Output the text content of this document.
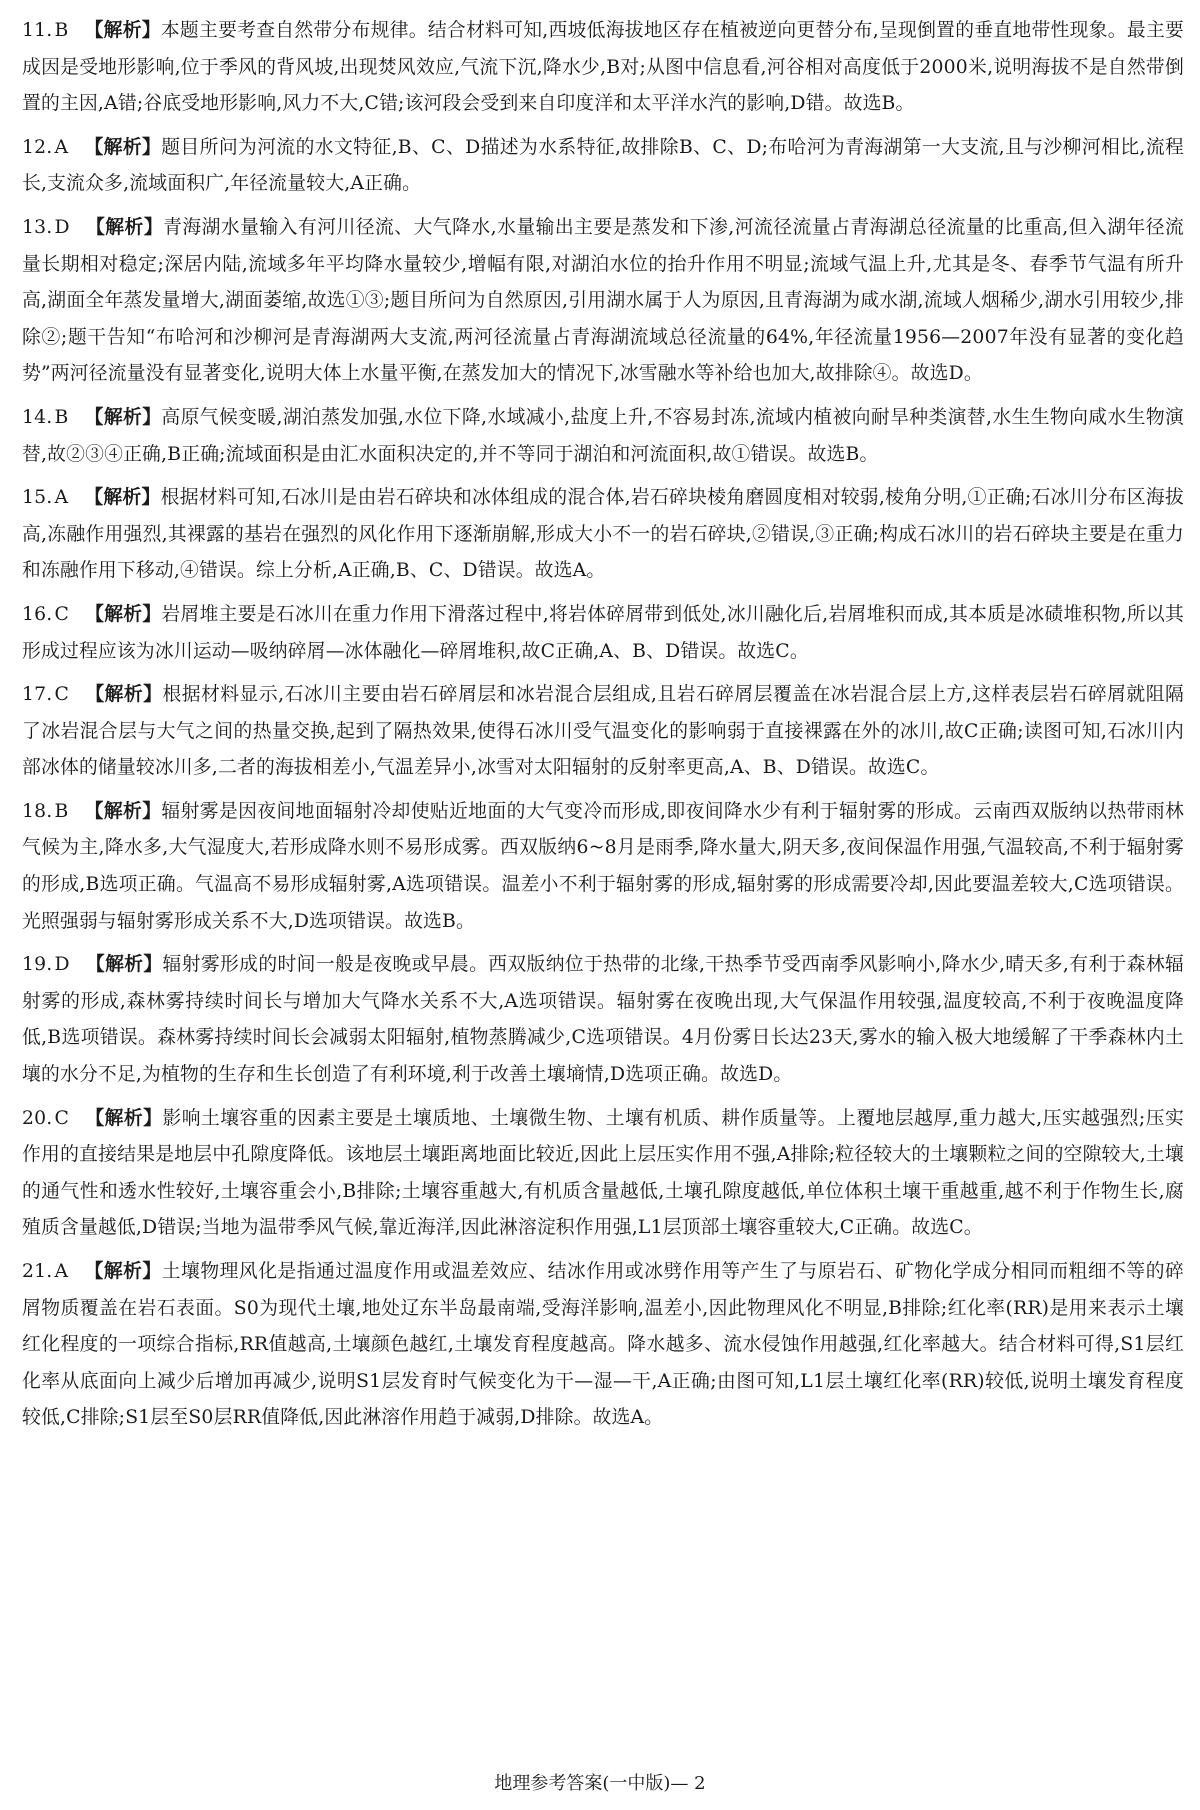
11. B 【解析】本题主要考查自然带分布规律。结合材料可知,西坡低海拔地区存在植被逆向更替分布,呈现倒置的垂直地带性现象。最主要成因是受地形影响,位于季风的背风坡,出现焚风效应,气流下沉,降水少,B对;从图中信息看,河谷相对高度低于2000米,说明海拔不是自然带倒置的主因,A错;谷底受地形影响,风力不大,C错;该河段会受到来自印度洋和太平洋水汽的影响,D错。故选B。
12. A 【解析】题目所问为河流的水文特征,B、C、D描述为水系特征,故排除B、C、D;布哈河为青海湖第一大支流,且与沙柳河相比,流程长,支流众多,流域面积广,年径流量较大,A正确。
13. D 【解析】青海湖水量输入有河川径流、大气降水,水量输出主要是蒸发和下渗,河流径流量占青海湖总径流量的比重高,但入湖年径流量长期相对稳定;深居内陆,流域多年平均降水量较少,增幅有限,对湖泊水位的抬升作用不明显;流域气温上升,尤其是冬、春季节气温有所升高,湖面全年蒸发量增大,湖面萎缩,故选①③;题目所问为自然原因,引用湖水属于人为原因,且青海湖为咸水湖,流域人烟稀少,湖水引用较少,排除②;题干告知“布哈河和沙柳河是青海湖两大支流,两河径流量占青海湖流域总径流量的64%,年径流量1956—2007年没有显著的变化趋势”两河径流量没有显著变化,说明大体上水量平衡,在蒸发加大的情况下,冰雪融水等补给也加大,故排除④。故选D。
14. B 【解析】高原气候变暖,湖泊蒸发加强,水位下降,水域减小,盐度上升,不容易封冻,流域内植被向耐旱种类演替,水生生物向咸水生物演替,故②③④正确,B正确;流域面积是由汇水面积决定的,并不等同于湖泊和河流面积,故①错误。故选B。
15. A 【解析】根据材料可知,石冰川是由岩石碎块和冰体组成的混合体,岩石碎块棱角磨圆度相对较弱,棱角分明,①正确;石冰川分布区海拔高,冻融作用强烈,其裸露的基岩在强烈的风化作用下逐渐崩解,形成大小不一的岩石碎块,②错误,③正确;构成石冰川的岩石碎块主要是在重力和冻融作用下移动,④错误。综上分析,A正确,B、C、D错误。故选A。
16. C 【解析】岩屑堆主要是石冰川在重力作用下滑落过程中,将岩体碎屑带到低处,冰川融化后,岩屑堆积而成,其本质是冰碛堆积物,所以其形成过程应该为冰川运动—吸纳碎屑—冰体融化—碎屑堆积,故C正确,A、B、D错误。故选C。
17. C 【解析】根据材料显示,石冰川主要由岩石碎屑层和冰岩混合层组成,且岩石碎屑层覆盖在冰岩混合层上方,这样表层岩石碎屑就阻隔了冰岩混合层与大气之间的热量交换,起到了隔热效果,使得石冰川受气温变化的影响弱于直接裸露在外的冰川,故C正确;读图可知,石冰川内部冰体的储量较冰川多,二者的海拔相差小,气温差异小,冰雪对太阳辐射的反射率更高,A、B、D错误。故选C。
18. B 【解析】辐射雾是因夜间地面辐射冷却使贴近地面的大气变冷而形成,即夜间降水少有利于辐射雾的形成。云南西双版纳以热带雨林气候为主,降水多,大气湿度大,若形成降水则不易形成雾。西双版纳6~8月是雨季,降水量大,阴天多,夜间保温作用强,气温较高,不利于辐射雾的形成,B选项正确。气温高不易形成辐射雾,A选项错误。温差小不利于辐射雾的形成,辐射雾的形成需要冷却,因此要温差较大,C选项错误。光照强弱与辐射雾形成关系不大,D选项错误。故选B。
19. D 【解析】辐射雾形成的时间一般是夜晚或早晨。西双版纳位于热带的北缘,干热季节受西南季风影响小,降水少,晴天多,有利于森林辐射雾的形成,森林雾持续时间长与增加大气降水关系不大,A选项错误。辐射雾在夜晚出现,大气保温作用较强,温度较高,不利于夜晚温度降低,B选项错误。森林雾持续时间长会减弱太阳辐射,植物蒸腾减少,C选项错误。4月份雾日长达23天,雾水的输入极大地缓解了干季森林内土壤的水分不足,为植物的生存和生长创造了有利环境,利于改善土壤墒情,D选项正确。故选D。
20. C 【解析】影响土壤容重的因素主要是土壤质地、土壤微生物、土壤有机质、耕作质量等。上覆地层越厚,重力越大,压实越强烈;压实作用的直接结果是地层中孔隙度降低。该地层土壤距离地面比较近,因此上层压实作用不强,A排除;粒径较大的土壤颗粒之间的空隙较大,土壤的通气性和透水性较好,土壤容重会小,B排除;土壤容重越大,有机质含量越低,土壤孔隙度越低,单位体积土壤干重越重,越不利于作物生长,腐殖质含量越低,D错误;当地为温带季风气候,靠近海洋,因此淋溶淀积作用强,L1层顶部土壤容重较大,C正确。故选C。
21. A 【解析】土壤物理风化是指通过温度作用或温差效应、结冰作用或冰劈作用等产生了与原岩石、矿物化学成分相同而粗细不等的碎屑物质覆盖在岩石表面。S0为现代土壤,地处辽东半岛最南端,受海洋影响,温差小,因此物理风化不明显,B排除;红化率(RR)是用来表示土壤红化程度的一项综合指标,RR值越高,土壤颜色越红,土壤发育程度越高。降水越多、流水侵蚀作用越强,红化率越大。结合材料可得,S1层红化率从底面向上减少后增加再减少,说明S1层发育时气候变化为干—湿—干,A正确;由图可知,L1层土壤红化率(RR)较低,说明土壤发育程度较低,C排除;S1层至S0层RR值降低,因此淋溶作用趋于减弱,D排除。故选A。
地理参考答案(一中版)— 2
